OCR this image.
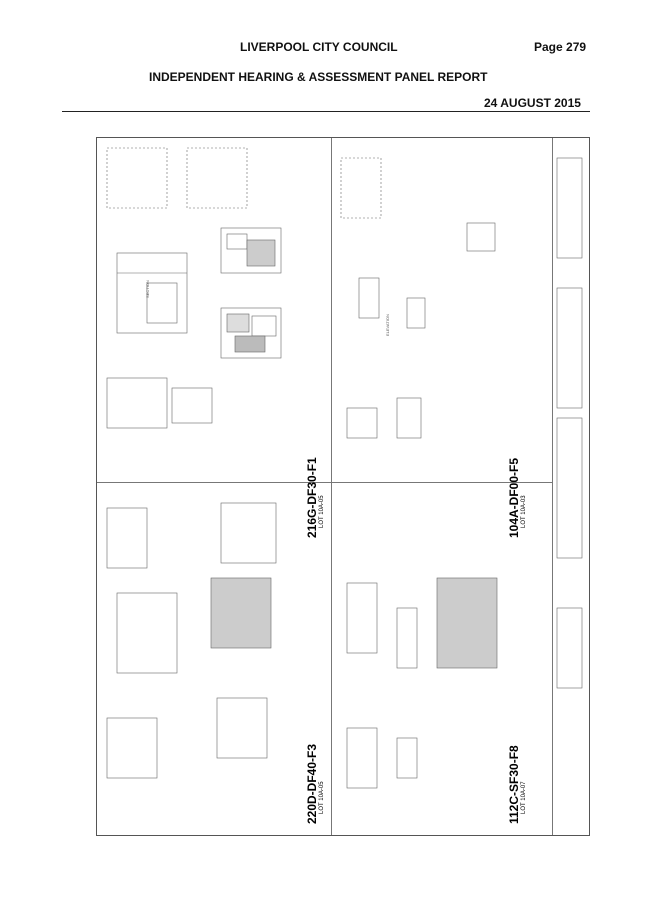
LIVERPOOL CITY COUNCIL	Page 279
INDEPENDENT HEARING & ASSESSMENT PANEL REPORT
24 AUGUST 2015
216G-DF30-F1 LOT 10A-05	104A-DF00-F5 LOT 10A-03
220D-DF40-F3 LOT 10A-05	112C-SF30-F8 LOT 10A-07
SECTION
ELEVATION
